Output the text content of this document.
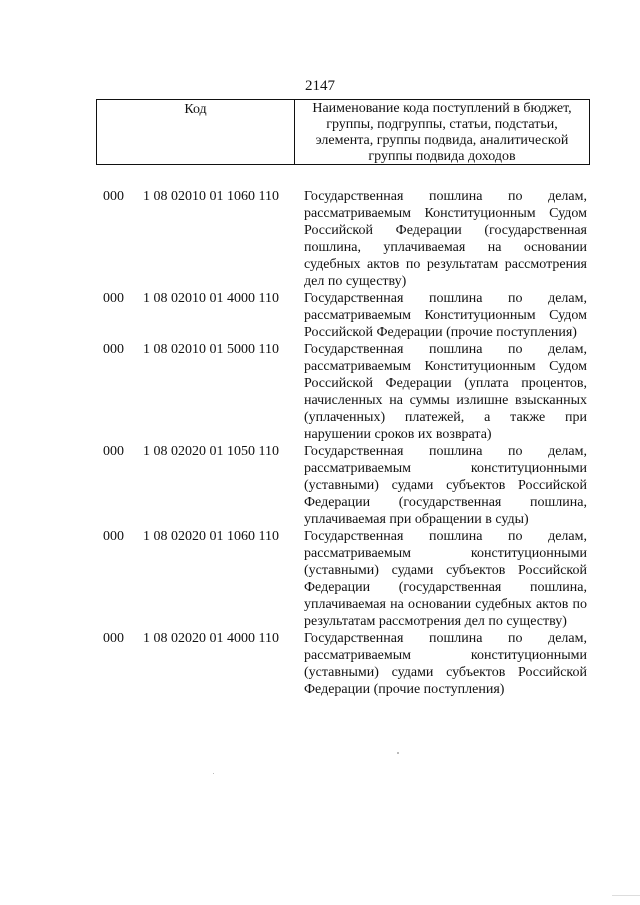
2147
Код	Наименование кода поступлений в бюджет, группы, подгруппы, статьи, подстатьи, элемента, группы подвида, аналитической группы подвида доходов
000 1 08 02010 01 1060 110 Государственная пошлина по делам, рассматриваемым Конституционным Судом Российской Федерации (государственная пошлина, уплачиваемая на основании судебных актов по результатам рассмотрения дел по существу)
000 1 08 02010 01 4000 110 Государственная пошлина по делам, рассматриваемым Конституционным Судом Российской Федерации (прочие поступления)
000 1 08 02010 01 5000 110 Государственная пошлина по делам, рассматриваемым Конституционным Судом Российской Федерации (уплата процентов, начисленных на суммы излишне взысканных (уплаченных) платежей, а также при нарушении сроков их возврата)
000 1 08 02020 01 1050 110 Государственная пошлина по делам, рассматриваемым конституционными (уставными) судами субъектов Российской Федерации (государственная пошлина, уплачиваемая при обращении в суды)
000 1 08 02020 01 1060 110 Государственная пошлина по делам, рассматриваемым конституционными (уставными) судами субъектов Российской Федерации (государственная пошлина, уплачиваемая на основании судебных актов по результатам рассмотрения дел по существу)
000 1 08 02020 01 4000 110 Государственная пошлина по делам, рассматриваемым конституционными (уставными) судами субъектов Российской Федерации (прочие поступления)
